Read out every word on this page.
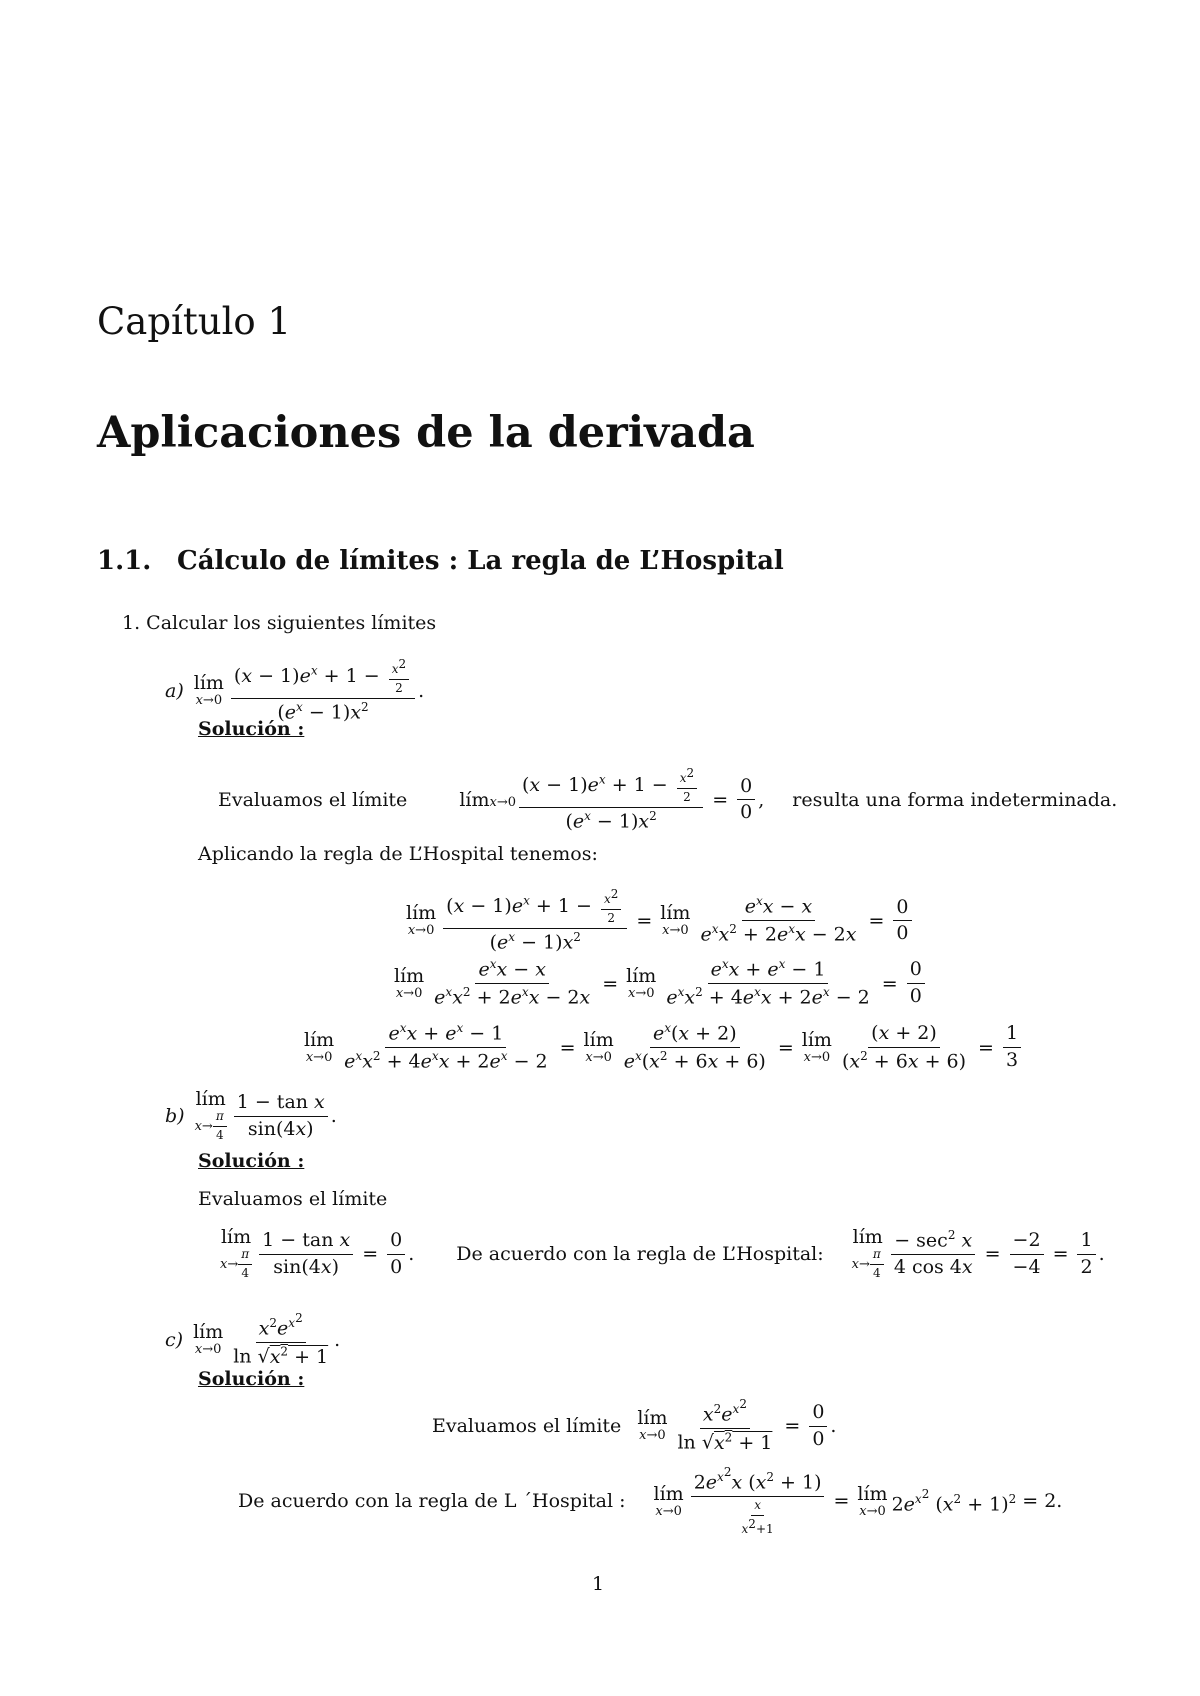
Capítulo 1
Aplicaciones de la derivada
1.1. Cálculo de límites : La regla de L’Hospital
1. Calcular los siguientes límites
a) lím
$x\to 0 \frac{(x - 1)e^x + 1 - \frac{x^2}{2}}{(e^x - 1)x^2}$ .
Solución :
Evaluamos el límite	límx→0 $\frac{(x - 1)e^x + 1 - \frac{x^2}{2}}{(e^x - 1)x^2} = \frac{0}{0}$ , resulta una forma indeterminada.
Aplicando la regla de L’Hospital tenemos:
lím
$x\to 0 \frac{(x - 1)e^x + 1 - \frac{x^2}{2}}{(e^x - 1)x^2}$ = lím
$x\to 0 \frac{e^xx - x}{e^xx^2 + 2e^xx - 2x} = \frac{0}{0}$
lím
$x\to 0 \frac{e^xx - x}{e^xx^2 + 2e^xx - 2x}$ = lím
$x\to 0 \frac{e^xx + e^x - 1}{e^xx^2 + 4e^xx + 2e^x - 2} = \frac{0}{0}$
lím
$x\to 0 \frac{e^xx + e^x - 1}{e^xx^2 + 4e^xx + 2e^x - 2}$ = lím
$x\to 0 \frac{e^x(x + 2)}{e^x(x^2 + 6x + 6)}$ = lím
$x\to 0 \frac{(x + 2)}{(x^2 + 6x + 6)} = \frac{1}{3}$
b)
lím
$x\to \frac{\pi}{4} \frac{\text{1 − tan x}}{\sin(4x)}$ .
Solución :
Evaluamos el límite
lím
$x\to \frac{\pi}{4} \frac{\text{1 − tan x}}{\sin(4x)} = \frac{0}{0}$ . De acuerdo con la regla de L’Hospital:
lím
$x\to \frac{\pi}{4} \frac{- \sec^2 x}{4 \cos 4x} = \frac{-2}{-4} = \frac{1}{2}$ .
c) lím
$x\to 0 \frac{x^2e^{x^2}}{\ln √x^2 + 1}$ .
Solución :
Evaluamos el límite lím
$x\to 0 \frac{x^2e^{x^2}}{\ln √x^2 + 1} = \frac{0}{0}$ .
De acuerdo con la regla de L ´Hospital : lím
$x\to 0 \frac{2e^{x^2}x (x^2 + 1)}{\frac{x}{x^2+1}}$ = lím
x→0 $2e^{x^2}$ $(x^2 + 1)^2 = 2$.
1
